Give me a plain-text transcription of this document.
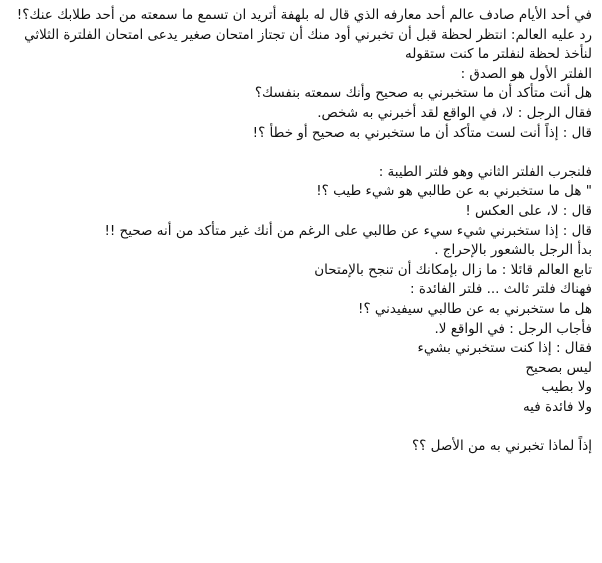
في أحد الأيام صادف عالم أحد معارفه الذي قال له بلهفة أتريد ان تسمع ما سمعته من أحد طلابك عنك؟!

رد عليه العالم: انتظر لحظة قبل أن تخبرني أود منك أن تجتاز امتحان صغير يدعى امتحان الفلترة الثلاثي

لنأخذ لحظة لنفلتر ما كنت ستقوله

الفلتر الأول هو الصدق :

هل أنت متأكد أن ما ستخبرني به صحيح وأنك سمعته بنفسك؟

فقال الرجل : لا، في الواقع لقد أخبرني به شخص.

قال : إذاً أنت لست متأكد أن ما ستخبرني به صحيح أو خطأ ؟!

فلنجرب الفلتر الثاني وهو فلتر الطيبة :

" هل ما ستخبرني به عن طالبي هو شيء طيب ؟!

قال : لا، على العكس !

قال : إذا ستخبرني شيء سيء عن طالبي على الرغم من أنك غير متأكد من أنه صحيح !!

بدأ الرجل بالشعور بالإحراج .

تابع العالم قائلا : ما زال بإمكانك أن تنجح بالإمتحان

فهناك فلتر ثالث ... فلتر الفائدة :

هل ما ستخبرني به عن طالبي سيفيدني ؟!

فأجاب الرجل : في الواقع لا.

فقال : إذا كنت ستخبرني بشيء

ليس بصحيح

ولا بطيب

ولا فائدة فيه

إذاً لماذا تخبرني به من الأصل ؟؟
